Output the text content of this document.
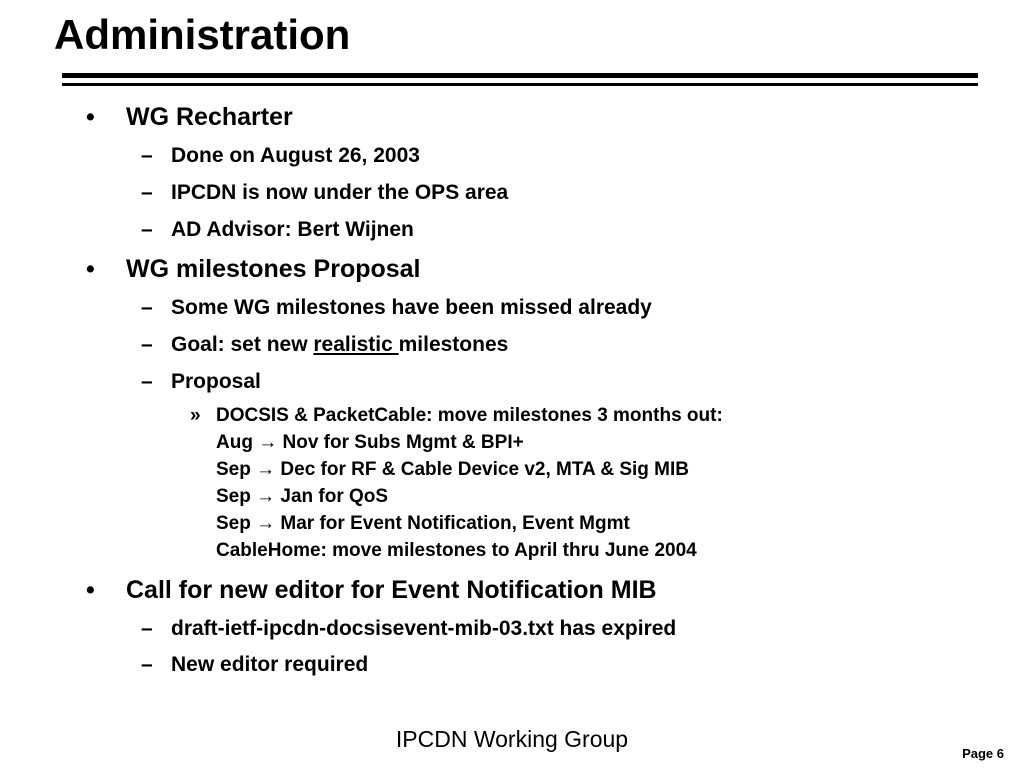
Administration
• WG Recharter
– Done on August 26, 2003
– IPCDN is now under the OPS area
– AD Advisor: Bert Wijnen
• WG milestones Proposal
– Some WG milestones have been missed already
– Goal: set new realistic milestones
– Proposal
» DOCSIS & PacketCable: move milestones 3 months out:
Aug → Nov for Subs Mgmt & BPI+
Sep → Dec for RF & Cable Device v2, MTA & Sig MIB
Sep → Jan for QoS
Sep → Mar for Event Notification, Event Mgmt
CableHome: move milestones to April thru June 2004
• Call for new editor for Event Notification MIB
– draft-ietf-ipcdn-docsisevent-mib-03.txt has expired
– New editor required
IPCDN Working Group
Page 6
